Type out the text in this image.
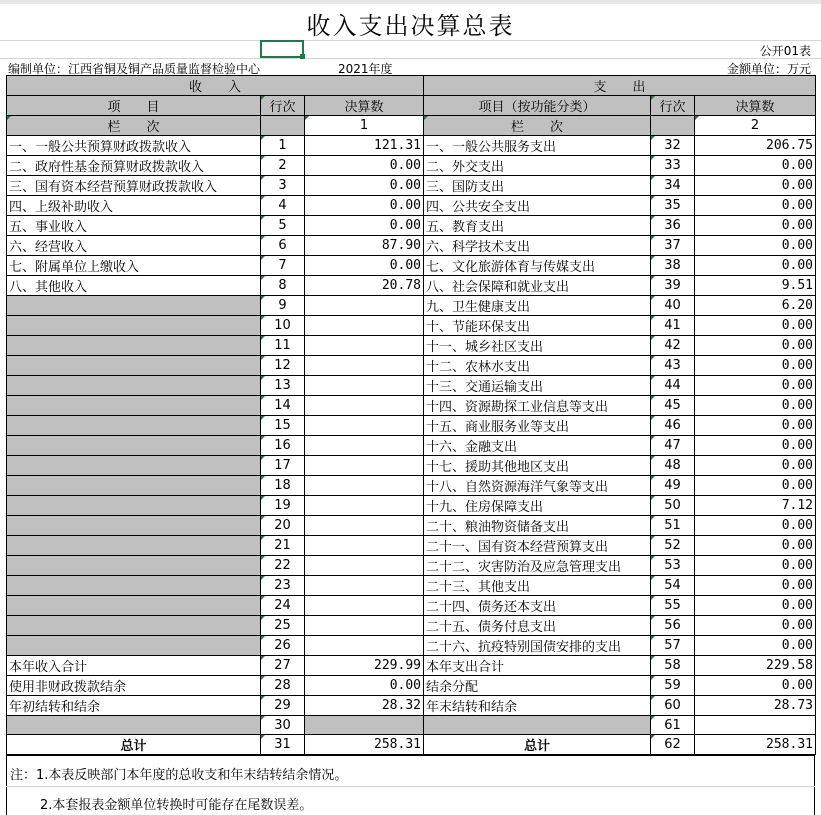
收入支出决算总表
公开01表
编制单位：江西省铜及铜产品质量监督检验中心	2021年度	金额单位：万元
收　　入			支　　出		
项　　目	行次	决算数	项目（按功能分类）	行次	决算数
栏　　次		1	栏　　次		2
一、一般公共预算财政拨款收入	1	121.31	一、一般公共服务支出	32	206.75
二、政府性基金预算财政拨款收入	2	0.00	二、外交支出	33	0.00
三、国有资本经营预算财政拨款收入	3	0.00	三、国防支出	34	0.00
四、上级补助收入	4	0.00	四、公共安全支出	35	0.00
五、事业收入	5	0.00	五、教育支出	36	0.00
六、经营收入	6	87.90	六、科学技术支出	37	0.00
七、附属单位上缴收入	7	0.00	七、文化旅游体育与传媒支出	38	0.00
八、其他收入	8	20.78	八、社会保障和就业支出	39	9.51
	9		九、卫生健康支出	40	6.20
	10		十、节能环保支出	41	0.00
	11		十一、城乡社区支出	42	0.00
	12		十二、农林水支出	43	0.00
	13		十三、交通运输支出	44	0.00
	14		十四、资源勘探工业信息等支出	45	0.00
	15		十五、商业服务业等支出	46	0.00
	16		十六、金融支出	47	0.00
	17		十七、援助其他地区支出	48	0.00
	18		十八、自然资源海洋气象等支出	49	0.00
	19		十九、住房保障支出	50	7.12
	20		二十、粮油物资储备支出	51	0.00
	21		二十一、国有资本经营预算支出	52	0.00
	22		二十二、灾害防治及应急管理支出	53	0.00
	23		二十三、其他支出	54	0.00
	24		二十四、债务还本支出	55	0.00
	25		二十五、债务付息支出	56	0.00
	26		二十六、抗疫特别国债安排的支出	57	0.00
本年收入合计	27	229.99	本年支出合计	58	229.58
使用非财政拨款结余	28	0.00	结余分配	59	0.00
年初结转和结余	29	28.32	年末结转和结余	60	28.73
	30			61	
总计	31	258.31	总计	62	258.31
注：1.本表反映部门本年度的总收支和年末结转结余情况。
2.本套报表金额单位转换时可能存在尾数误差。
